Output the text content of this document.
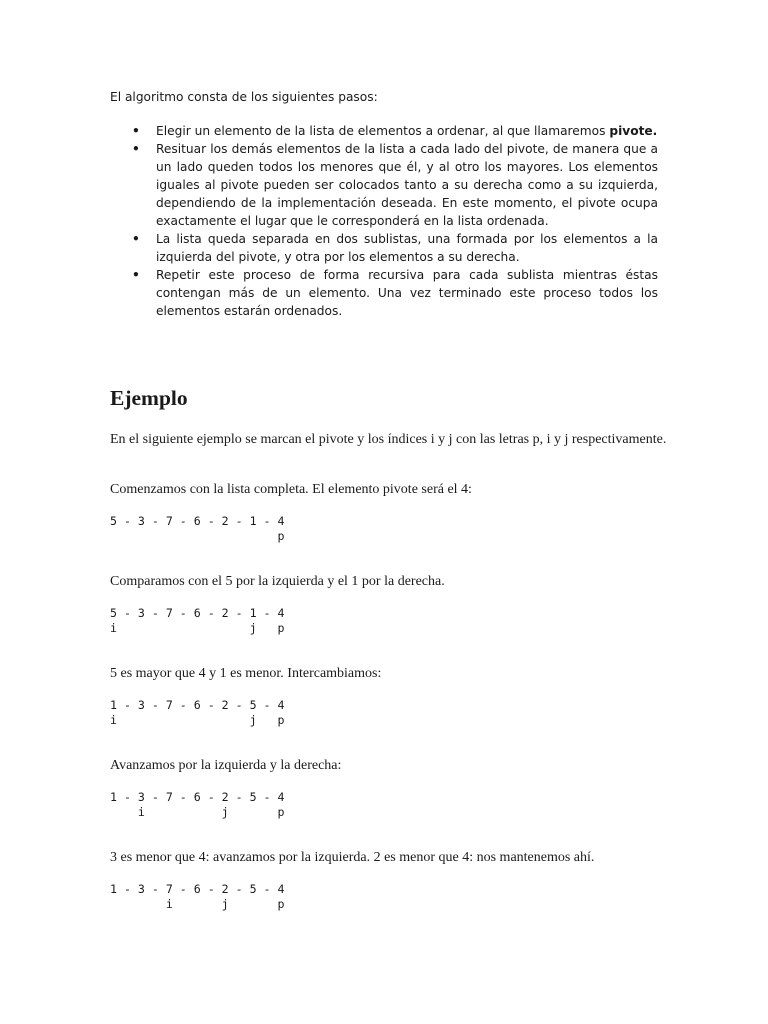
El algoritmo consta de los siguientes pasos:
• Elegir un elemento de la lista de elementos a ordenar, al que llamaremos pivote.
• Resituar los demás elementos de la lista a cada lado del pivote, de manera que a un lado queden todos los menores que él, y al otro los mayores. Los elementos iguales al pivote pueden ser colocados tanto a su derecha como a su izquierda, dependiendo de la implementación deseada. En este momento, el pivote ocupa exactamente el lugar que le corresponderá en la lista ordenada.
• La lista queda separada en dos sublistas, una formada por los elementos a la izquierda del pivote, y otra por los elementos a su derecha.
• Repetir este proceso de forma recursiva para cada sublista mientras éstas contengan más de un elemento. Una vez terminado este proceso todos los elementos estarán ordenados.
Ejemplo
En el siguiente ejemplo se marcan el pivote y los índices i y j con las letras p, i y j respectivamente.
Comenzamos con la lista completa. El elemento pivote será el 4:
5 - 3 - 7 - 6 - 2 - 1 - 4
p
Comparamos con el 5 por la izquierda y el 1 por la derecha.
5 - 3 - 7 - 6 - 2 - 1 - 4
i                   j   p
5 es mayor que 4 y 1 es menor. Intercambiamos:
1 - 3 - 7 - 6 - 2 - 5 - 4
i                   j   p
Avanzamos por la izquierda y la derecha:
1 - 3 - 7 - 6 - 2 - 5 - 4
i           j       p
3 es menor que 4: avanzamos por la izquierda. 2 es menor que 4: nos mantenemos ahí.
1 - 3 - 7 - 6 - 2 - 5 - 4
i       j       p
